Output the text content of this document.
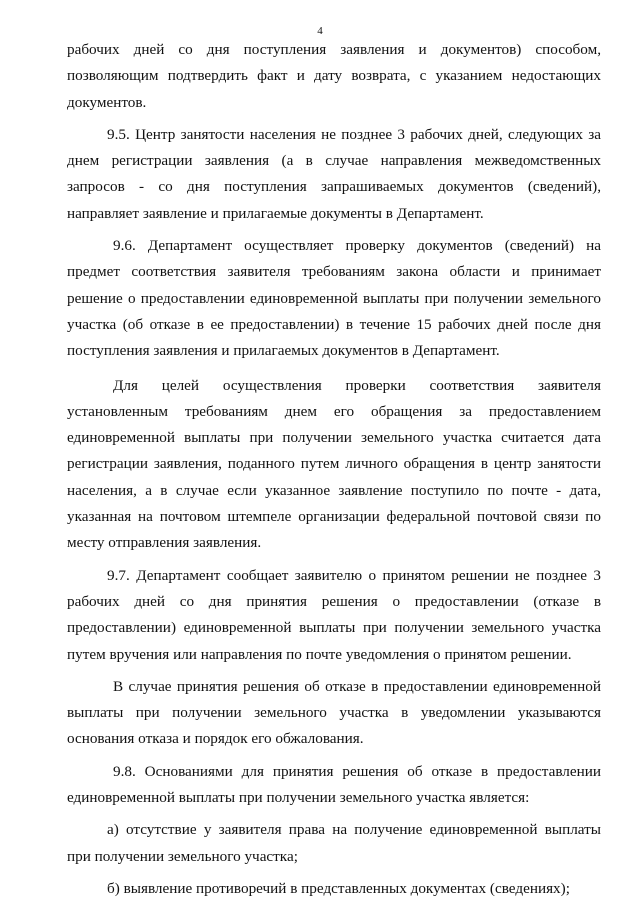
4

рабочих дней со дня поступления заявления и документов) способом, позволяющим подтвердить факт и дату возврата, с указанием недостающих документов.

9.5. Центр занятости населения не позднее 3 рабочих дней, следующих за днем регистрации заявления (а в случае направления межведомственных запросов - со дня поступления запрашиваемых документов (сведений), направляет заявление и прилагаемые документы в Департамент.

9.6. Департамент осуществляет проверку документов (сведений) на предмет соответствия заявителя требованиям закона области и принимает решение о предоставлении единовременной выплаты при получении земельного участка (об отказе в ее предоставлении) в течение 15 рабочих дней после дня поступления заявления и прилагаемых документов в Департамент.

Для целей осуществления проверки соответствия заявителя установленным требованиям днем его обращения за предоставлением единовременной выплаты при получении земельного участка считается дата регистрации заявления, поданного путем личного обращения в центр занятости населения, а в случае если указанное заявление поступило по почте - дата, указанная на почтовом штемпеле организации федеральной почтовой связи по месту отправления заявления.

9.7. Департамент сообщает заявителю о принятом решении не позднее 3 рабочих дней со дня принятия решения о предоставлении (отказе в предоставлении) единовременной выплаты при получении земельного участка путем вручения или направления по почте уведомления о принятом решении.

В случае принятия решения об отказе в предоставлении единовременной выплаты при получении земельного участка в уведомлении указываются основания отказа и порядок его обжалования.

9.8. Основаниями для принятия решения об отказе в предоставлении единовременной выплаты при получении земельного участка является:

а) отсутствие у заявителя права на получение единовременной выплаты при получении земельного участка;

б) выявление противоречий в представленных документах (сведениях);
